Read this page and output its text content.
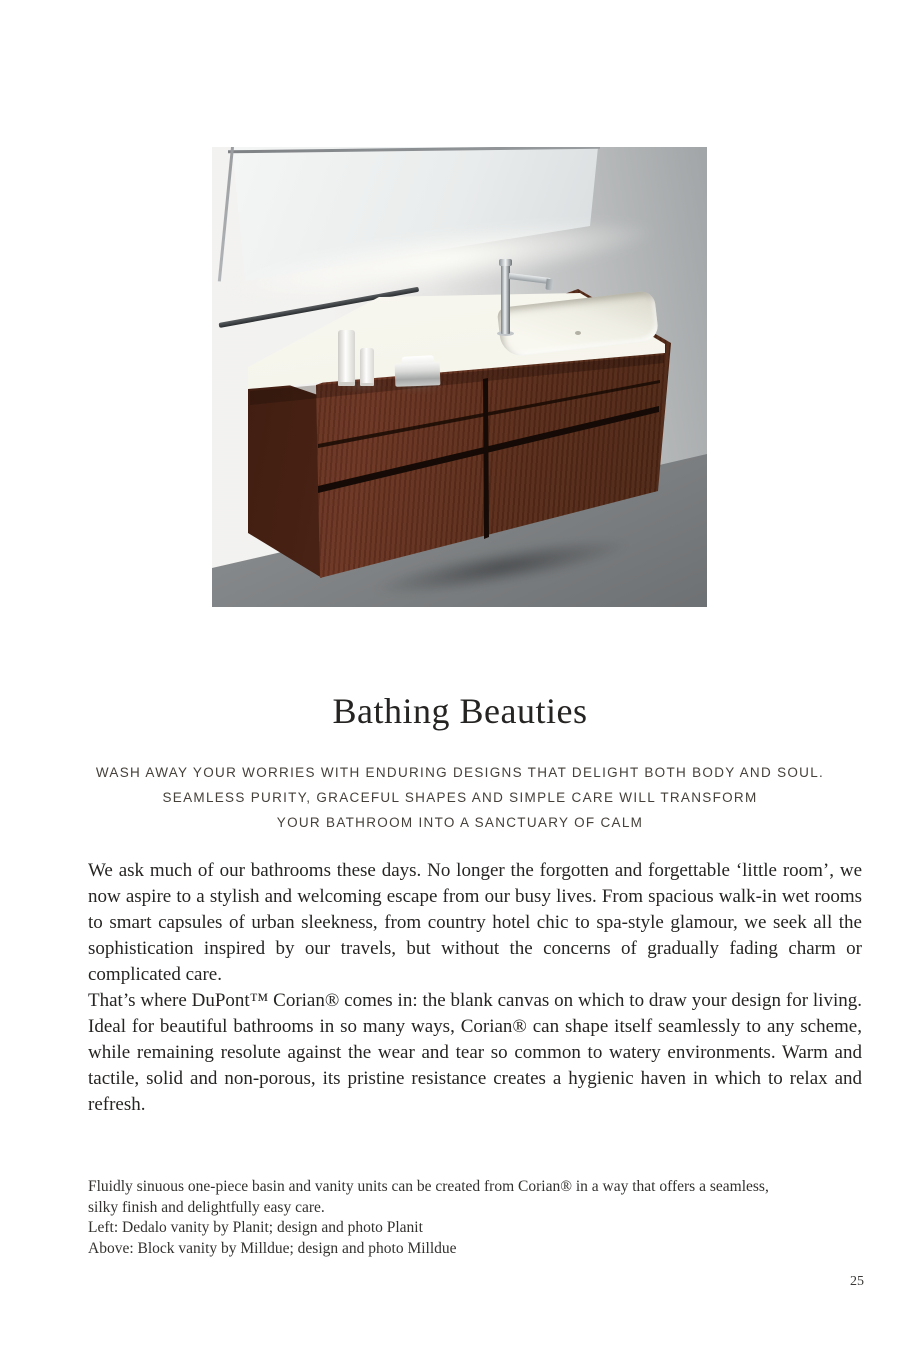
Bathing Beauties
WASH AWAY YOUR WORRIES WITH ENDURING DESIGNS THAT DELIGHT BOTH BODY AND SOUL.
SEAMLESS PURITY, GRACEFUL SHAPES AND SIMPLE CARE WILL TRANSFORM
YOUR BATHROOM INTO A SANCTUARY OF CALM

We ask much of our bathrooms these days. No longer the forgotten and forgettable ‘little room’, we now aspire to a stylish and welcoming escape from our busy lives. From spacious walk-in wet rooms to smart capsules of urban sleekness, from country hotel chic to spa-style glamour, we seek all the sophistication inspired by our travels, but without the concerns of gradually fading charm or complicated care.

That’s where DuPont™ Corian® comes in: the blank canvas on which to draw your design for living. Ideal for beautiful bathrooms in so many ways, Corian® can shape itself seamlessly to any scheme, while remaining resolute against the wear and tear so common to watery environments. Warm and tactile, solid and non-porous, its pristine resistance creates a hygienic haven in which to relax and refresh.

Fluidly sinuous one-piece basin and vanity units can be created from Corian® in a way that offers a seamless,
silky finish and delightfully easy care.
Left: Dedalo vanity by Planit; design and photo Planit
Above: Block vanity by Milldue; design and photo Milldue
25
